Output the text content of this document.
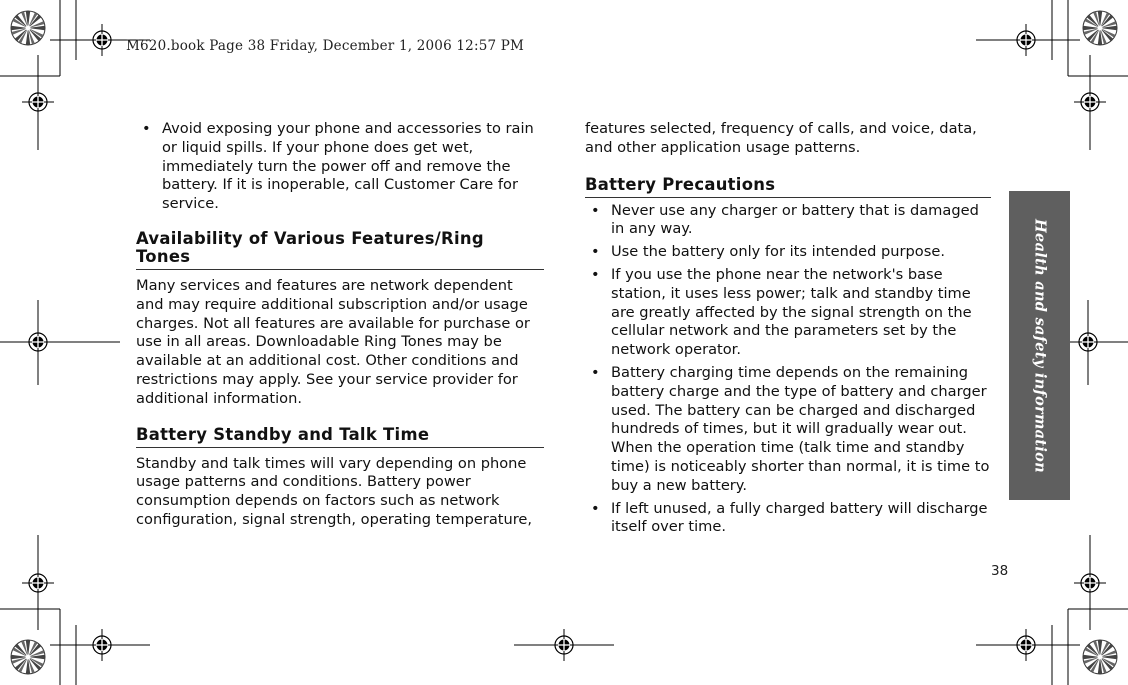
M620.book Page 38 Friday, December 1, 2006 12:57 PM
• Avoid exposing your phone and accessories to rain or liquid spills. If your phone does get wet, immediately turn the power off and remove the battery. If it is inoperable, call Customer Care for service.
Availability of Various Features/Ring Tones

Many services and features are network dependent and may require additional subscription and/or usage charges. Not all features are available for purchase or use in all areas. Downloadable Ring Tones may be available at an additional cost. Other conditions and restrictions may apply. See your service provider for additional information.

Battery Standby and Talk Time

Standby and talk times will vary depending on phone usage patterns and conditions. Battery power consumption depends on factors such as network configuration, signal strength, operating temperature,

features selected, frequency of calls, and voice, data, and other application usage patterns.

Battery Precautions
• Never use any charger or battery that is damaged in any way.
• Use the battery only for its intended purpose.
• If you use the phone near the network's base station, it uses less power; talk and standby time are greatly affected by the signal strength on the cellular network and the parameters set by the network operator.
• Battery charging time depends on the remaining battery charge and the type of battery and charger used. The battery can be charged and discharged hundreds of times, but it will gradually wear out. When the operation time (talk time and standby time) is noticeably shorter than normal, it is time to buy a new battery.
• If left unused, a fully charged battery will discharge itself over time.
Health and safety information
38
